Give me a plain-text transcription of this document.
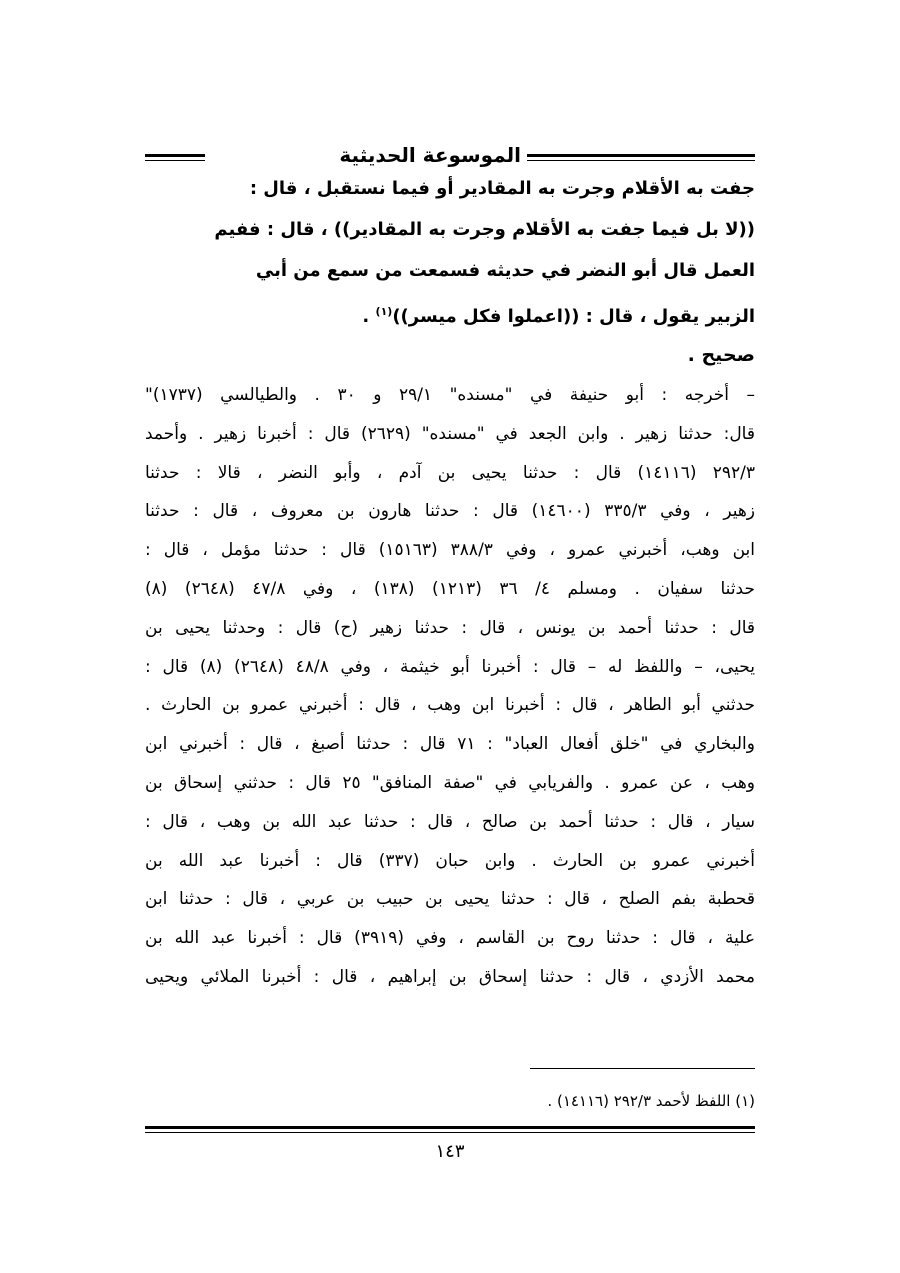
الموسوعة الحديثية

جفت به الأقلام وجرت به المقادير أو فيما نستقبل ، قال :

((لا بل فيما جفت به الأقلام وجرت به المقادير)) ، قال : ففيم

العمل قال أبو النضر في حديثه فسمعت من سمع من أبي

الزبير يقول ، قال : ((اعملوا فكل ميسر))$^{(١)}$ .

صحيح .

– أخرجه : أبو حنيفة في "مسنده" ٢٩/١ و ٣٠ . والطيالسي (١٧٣٧)"

قال: حدثنا زهير . وابن الجعد في "مسنده" (٢٦٢٩) قال : أخبرنا زهير . وأحمد

٢٩٢/٣ (١٤١١٦) قال : حدثنا يحيى بن آدم ، وأبو النضر ، قالا : حدثنا

زهير ، وفي ٣٣٥/٣ (١٤٦٠٠) قال : حدثنا هارون بن معروف ، قال : حدثنا

ابن وهب، أخبرني عمرو ، وفي ٣٨٨/٣ (١٥١٦٣) قال : حدثنا مؤمل ، قال :

حدثنا سفيان . ومسلم ٤/ ٣٦ (١٢١٣) (١٣٨) ، وفي ٤٧/٨ (٢٦٤٨) (٨)

قال : حدثنا أحمد بن يونس ، قال : حدثنا زهير (ح) قال : وحدثنا يحيى بن

يحيى، – واللفظ له – قال : أخبرنا أبو خيثمة ، وفي ٤٨/٨ (٢٦٤٨) (٨) قال :

حدثني أبو الطاهر ، قال : أخبرنا ابن وهب ، قال : أخبرني عمرو بن الحارث .

والبخاري في "خلق أفعال العباد" : ٧١ قال : حدثنا أصبغ ، قال : أخبرني ابن

وهب ، عن عمرو . والفريابي في "صفة المنافق" ٢٥ قال : حدثني إسحاق بن

سيار ، قال : حدثنا أحمد بن صالح ، قال : حدثنا عبد الله بن وهب ، قال :

أخبرني عمرو بن الحارث . وابن حبان (٣٣٧) قال : أخبرنا عبد الله بن

قحطبة بفم الصلح ، قال : حدثنا يحيى بن حبيب بن عربي ، قال : حدثنا ابن

علية ، قال : حدثنا روح بن القاسم ، وفي (٣٩١٩) قال : أخبرنا عبد الله بن

محمد الأزدي ، قال : حدثنا إسحاق بن إبراهيم ، قال : أخبرنا الملائي ويحيى

(١) اللفظ لأحمد ٢٩٢/٣ (١٤١١٦) .
١٤٣
